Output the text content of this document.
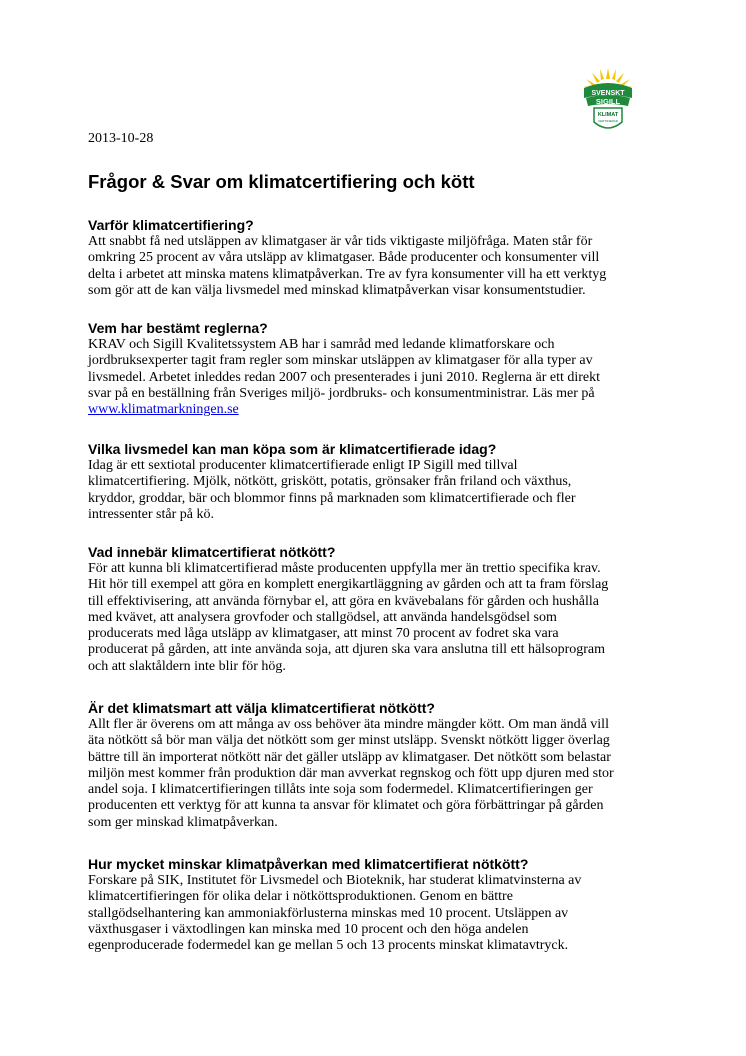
SVENSKT
SIGILL
KLIMAT
CERTIFIERAD
2013-10-28
Frågor & Svar om klimatcertifiering och kött
Varför klimatcertifiering?
Att snabbt få ned utsläppen av klimatgaser är vår tids viktigaste miljöfråga. Maten står för
omkring 25 procent av våra utsläpp av klimatgaser. Både producenter och konsumenter vill
delta i arbetet att minska matens klimatpåverkan. Tre av fyra konsumenter vill ha ett verktyg
som gör att de kan välja livsmedel med minskad klimatpåverkan visar konsumentstudier.
Vem har bestämt reglerna?
KRAV och Sigill Kvalitetssystem AB har i samråd med ledande klimatforskare och
jordbruksexperter tagit fram regler som minskar utsläppen av klimatgaser för alla typer av
livsmedel. Arbetet inleddes redan 2007 och presenterades i juni 2010. Reglerna är ett direkt
svar på en beställning från Sveriges miljö- jordbruks- och konsumentministrar. Läs mer på
www.klimatmarkningen.se
Vilka livsmedel kan man köpa som är klimatcertifierade idag?
Idag är ett sextiotal producenter klimatcertifierade enligt IP Sigill med tillval
klimatcertifiering. Mjölk, nötkött, griskött, potatis, grönsaker från friland och växthus,
kryddor, groddar, bär och blommor finns på marknaden som klimatcertifierade och fler
intressenter står på kö.
Vad innebär klimatcertifierat nötkött?
För att kunna bli klimatcertifierad måste producenten uppfylla mer än trettio specifika krav.
Hit hör till exempel att göra en komplett energikartläggning av gården och att ta fram förslag
till effektivisering, att använda förnybar el, att göra en kvävebalans för gården och hushålla
med kvävet, att analysera grovfoder och stallgödsel, att använda handelsgödsel som
producerats med låga utsläpp av klimatgaser, att minst 70 procent av fodret ska vara
producerat på gården, att inte använda soja, att djuren ska vara anslutna till ett hälsoprogram
och att slaktåldern inte blir för hög.
Är det klimatsmart att välja klimatcertifierat nötkött?
Allt fler är överens om att många av oss behöver äta mindre mängder kött. Om man ändå vill
äta nötkött så bör man välja det nötkött som ger minst utsläpp. Svenskt nötkött ligger överlag
bättre till än importerat nötkött när det gäller utsläpp av klimatgaser. Det nötkött som belastar
miljön mest kommer från produktion där man avverkat regnskog och fött upp djuren med stor
andel soja. I klimatcertifieringen tillåts inte soja som fodermedel. Klimatcertifieringen ger
producenten ett verktyg för att kunna ta ansvar för klimatet och göra förbättringar på gården
som ger minskad klimatpåverkan.
Hur mycket minskar klimatpåverkan med klimatcertifierat nötkött?
Forskare på SIK, Institutet för Livsmedel och Bioteknik, har studerat klimatvinsterna av
klimatcertifieringen för olika delar i nötköttsproduktionen. Genom en bättre
stallgödselhantering kan ammoniakförlusterna minskas med 10 procent. Utsläppen av
växthusgaser i växtodlingen kan minska med 10 procent och den höga andelen
egenproducerade fodermedel kan ge mellan 5 och 13 procents minskat klimatavtryck.
